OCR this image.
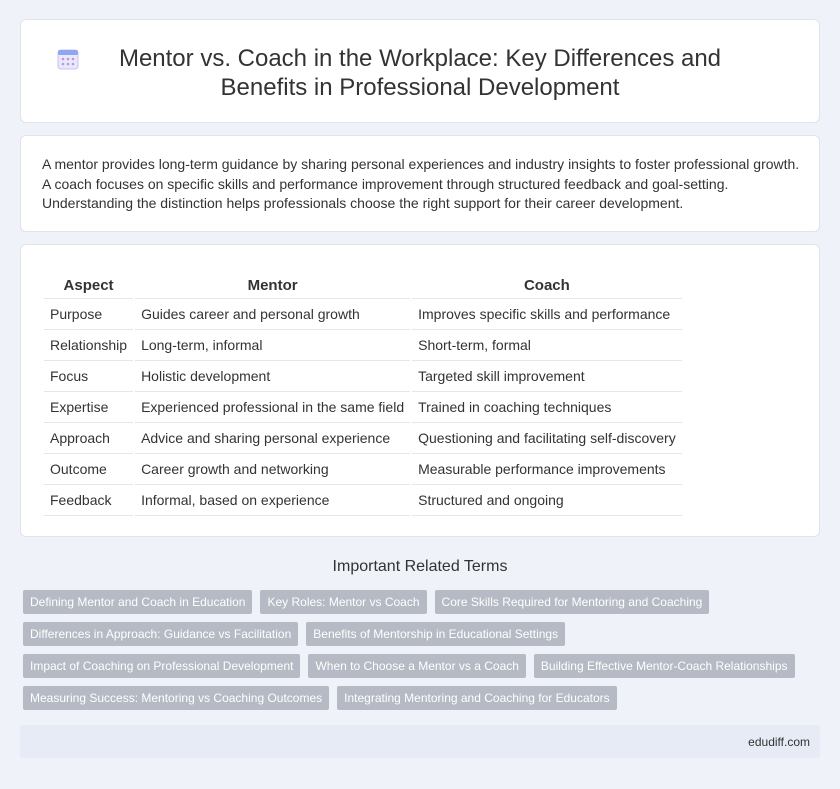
Mentor vs. Coach in the Workplace: Key Differences and Benefits in Professional Development

A mentor provides long-term guidance by sharing personal experiences and industry insights to foster professional growth. A coach focuses on specific skills and performance improvement through structured feedback and goal-setting. Understanding the distinction helps professionals choose the right support for their career development.

Aspect	Mentor	Coach
Purpose	Guides career and personal growth	Improves specific skills and performance
Relationship	Long-term, informal	Short-term, formal
Focus	Holistic development	Targeted skill improvement
Expertise	Experienced professional in the same field	Trained in coaching techniques
Approach	Advice and sharing personal experience	Questioning and facilitating self-discovery
Outcome	Career growth and networking	Measurable performance improvements
Feedback	Informal, based on experience	Structured and ongoing
Important Related Terms
Defining Mentor and Coach in Education	Key Roles: Mentor vs Coach	Core Skills Required for Mentoring and Coaching
Differences in Approach: Guidance vs Facilitation	Benefits of Mentorship in Educational Settings
Impact of Coaching on Professional Development	When to Choose a Mentor vs a Coach	Building Effective Mentor-Coach Relationships
Measuring Success: Mentoring vs Coaching Outcomes	Integrating Mentoring and Coaching for Educators
edudiff.com
